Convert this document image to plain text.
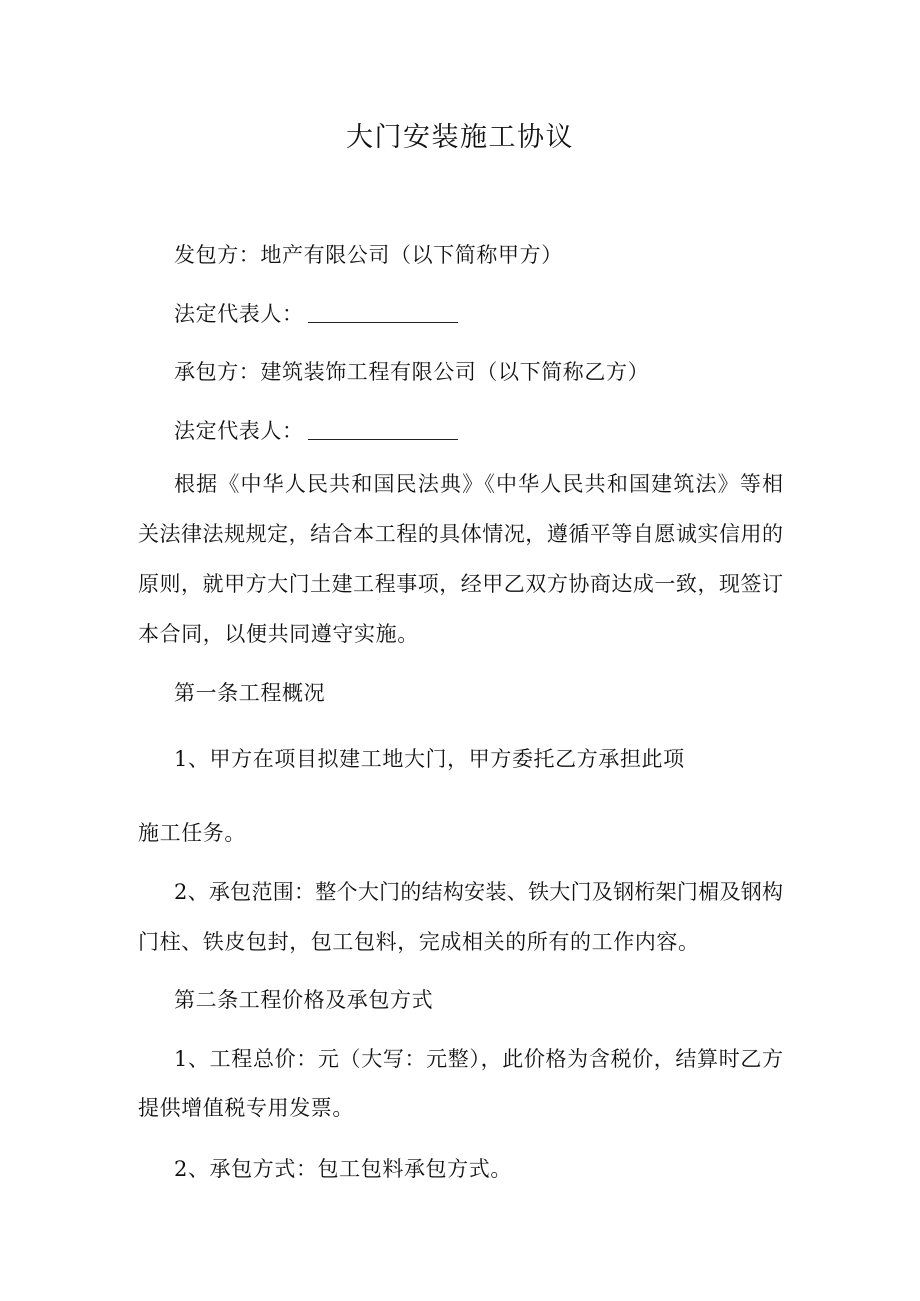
大门安装施工协议
发包方：地产有限公司（以下简称甲方）
法定代表人：
承包方：建筑装饰工程有限公司（以下简称乙方）
法定代表人：
根据《中华人民共和国民法典》《中华人民共和国建筑法》等相
关法律法规规定，结合本工程的具体情况，遵循平等自愿诚实信用的
原则，就甲方大门土建工程事项，经甲乙双方协商达成一致，现签订
本合同，以便共同遵守实施。
第一条工程概况
1、甲方在项目拟建工地大门，甲方委托乙方承担此项
施工任务。
2、承包范围：整个大门的结构安装、铁大门及钢桁架门楣及钢构
门柱、铁皮包封，包工包料，完成相关的所有的工作内容。
第二条工程价格及承包方式
1、工程总价：元（大写：元整），此价格为含税价，结算时乙方
提供增值税专用发票。
2、承包方式：包工包料承包方式。
